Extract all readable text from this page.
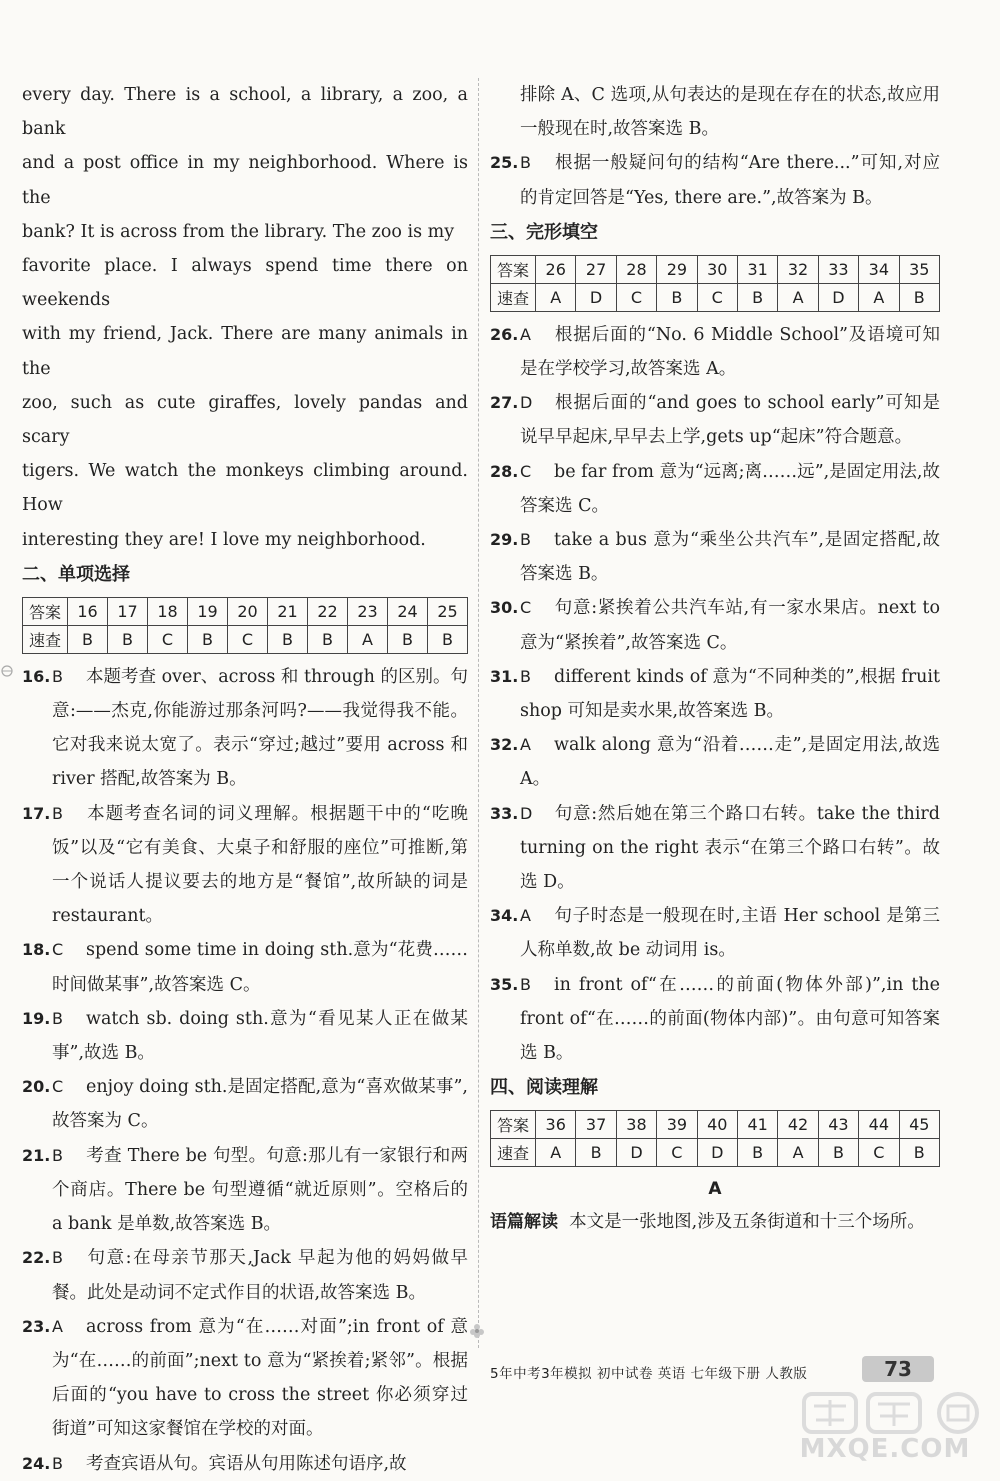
every day. There is a school, a library, a zoo, a bank

and a post office in my neighborhood. Where is the

bank? It is across from the library. The zoo is my

favorite place. I always spend time there on weekends

with my friend, Jack. There are many animals in the

zoo, such as cute giraffes, lovely pandas and scary

tigers. We watch the monkeys climbing around. How

interesting they are! I love my neighborhood.

二、单项选择

答案	16	17	18	19	20	21	22	23	24	25
速查	B	B	C	B	C	B	B	A	B	B

16. B 本题考查 over、across 和 through 的区别。句意:——杰克,你能游过那条河吗?——我觉得我不能。它对我来说太宽了。表示“穿过;越过”要用 across 和 river 搭配,故答案为 B。

17. B 本题考查名词的词义理解。根据题干中的“吃晚饭”以及“它有美食、大桌子和舒服的座位”可推断,第一个说话人提议要去的地方是“餐馆”,故所缺的词是 restaurant。

18. C spend some time in doing sth.意为“花费……时间做某事”,故答案选 C。

19. B watch sb. doing sth.意为“看见某人正在做某事”,故选 B。

20. C enjoy doing sth.是固定搭配,意为“喜欢做某事”,故答案为 C。

21. B 考查 There be 句型。句意:那儿有一家银行和两个商店。There be 句型遵循“就近原则”。空格后的 a bank 是单数,故答案选 B。

22. B 句意:在母亲节那天,Jack 早起为他的妈妈做早餐。此处是动词不定式作目的状语,故答案选 B。

23. A across from 意为“在……对面”;in front of 意为“在……的前面”;next to 意为“紧挨着;紧邻”。根据后面的“you have to cross the street 你必须穿过街道”可知这家餐馆在学校的对面。

24. B 考查宾语从句。宾语从句用陈述句语序,故

排除 A、C 选项,从句表达的是现在存在的状态,故应用一般现在时,故答案选 B。

25. B 根据一般疑问句的结构“Are there...”可知,对应的肯定回答是“Yes, there are.”,故答案为 B。

三、完形填空

答案	26	27	28	29	30	31	32	33	34	35
速查	A	D	C	B	C	B	A	D	A	B

26. A 根据后面的“No. 6 Middle School”及语境可知是在学校学习,故答案选 A。

27. D 根据后面的“and goes to school early”可知是说早早起床,早早去上学,gets up“起床”符合题意。

28. C be far from 意为“远离;离……远”,是固定用法,故答案选 C。

29. B take a bus 意为“乘坐公共汽车”,是固定搭配,故答案选 B。

30. C 句意:紧挨着公共汽车站,有一家水果店。next to 意为“紧挨着”,故答案选 C。

31. B different kinds of 意为“不同种类的”,根据 fruit shop 可知是卖水果,故答案选 B。

32. A walk along 意为“沿着……走”,是固定用法,故选 A。

33. D 句意:然后她在第三个路口右转。take the third turning on the right 表示“在第三个路口右转”。故选 D。

34. A 句子时态是一般现在时,主语 Her school 是第三人称单数,故 be 动词用 is。

35. B in front of“在……的前面(物体外部)”,in the front of“在……的前面(物体内部)”。由句意可知答案选 B。

四、阅读理解

答案	36	37	38	39	40	41	42	43	44	45
速查	A	B	D	C	D	B	A	B	C	B

A

语篇解读 本文是一张地图,涉及五条街道和十三个场所。

5年中考3年模拟 初中试卷 英语 七年级下册 人教版	73
MXQE.COM
